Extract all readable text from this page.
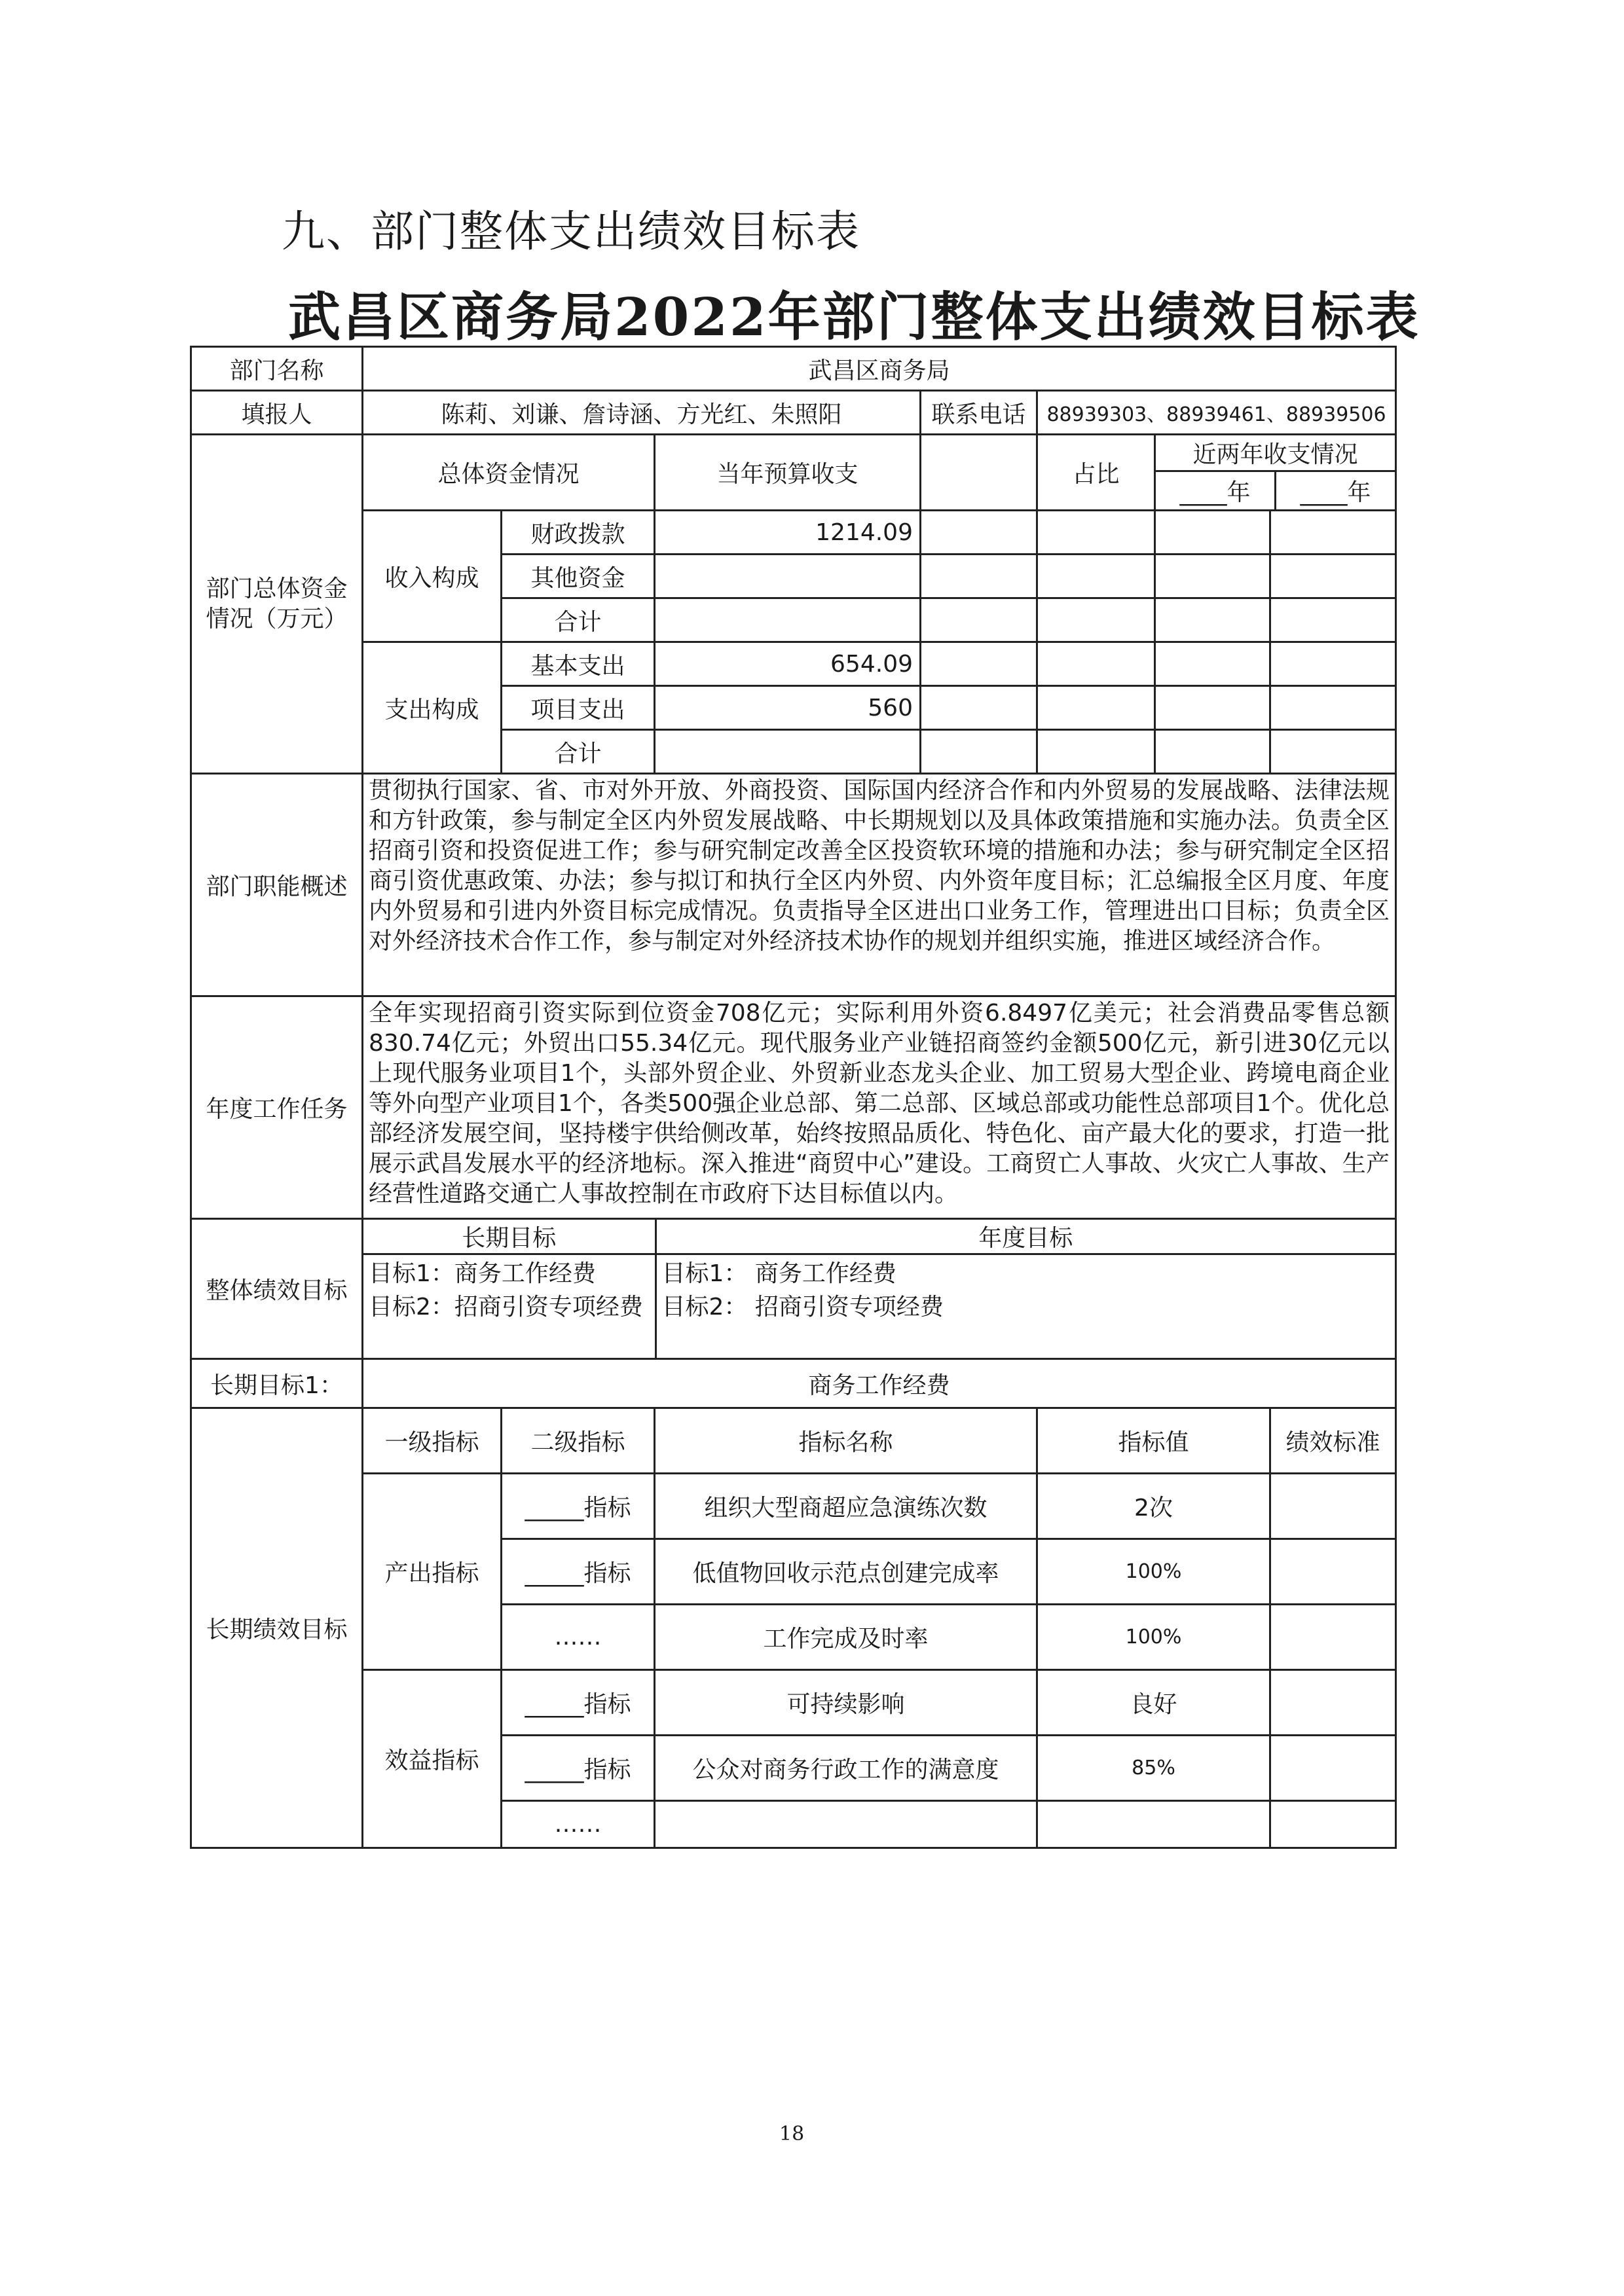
九、部门整体支出绩效目标表
武昌区商务局2022年部门整体支出绩效目标表
部门名称	武昌区商务局
填报人	陈莉、刘谦、詹诗涵、方光红、朱照阳	联系电话	88939303、88939461、88939506
部门总体资金情况（万元）	总体资金情况	当年预算收支		占比	
近两年收支情况
____年	____年

收入构成	财政拨款	1214.09				
其他资金					
合计					
支出构成	基本支出	654.09				
项目支出	560				
合计					
部门职能概述	贯彻执行国家、省、市对外开放、外商投资、国际国内经济合作和内外贸易的发展战略、法律法规和方针政策，参与制定全区内外贸发展战略、中长期规划以及具体政策措施和实施办法。负责全区招商引资和投资促进工作；参与研究制定改善全区投资软环境的措施和办法；参与研究制定全区招商引资优惠政策、办法；参与拟订和执行全区内外贸、内外资年度目标；汇总编报全区月度、年度内外贸易和引进内外资目标完成情况。负责指导全区进出口业务工作，管理进出口目标；负责全区对外经济技术合作工作，参与制定对外经济技术协作的规划并组织实施，推进区域经济合作。
年度工作任务	全年实现招商引资实际到位资金708亿元；实际利用外资6.8497亿美元；社会消费品零售总额830.74亿元；外贸出口55.34亿元。现代服务业产业链招商签约金额500亿元，新引进30亿元以上现代服务业项目1个，头部外贸企业、外贸新业态龙头企业、加工贸易大型企业、跨境电商企业等外向型产业项目1个，各类500强企业总部、第二总部、区域总部或功能性总部项目1个。优化总部经济发展空间，坚持楼宇供给侧改革，始终按照品质化、特色化、亩产最大化的要求，打造一批展示武昌发展水平的经济地标。深入推进“商贸中心”建设。工商贸亡人事故、火灾亡人事故、生产经营性道路交通亡人事故控制在市政府下达目标值以内。
整体绩效目标	
长期目标	年度目标
目标1：商务工作经费	目标1： 商务工作经费
目标2：招商引资专项经费	目标2： 招商引资专项经费

长期目标1：	商务工作经费
长期绩效目标	一级指标	二级指标	指标名称	指标值	绩效标准
产出指标	_____指标	组织大型商超应急演练次数	2次	
_____指标	低值物回收示范点创建完成率	100%	
……	工作完成及时率	100%	
效益指标	_____指标	可持续影响	良好	
_____指标	公众对商务行政工作的满意度	85%	
……			
18
